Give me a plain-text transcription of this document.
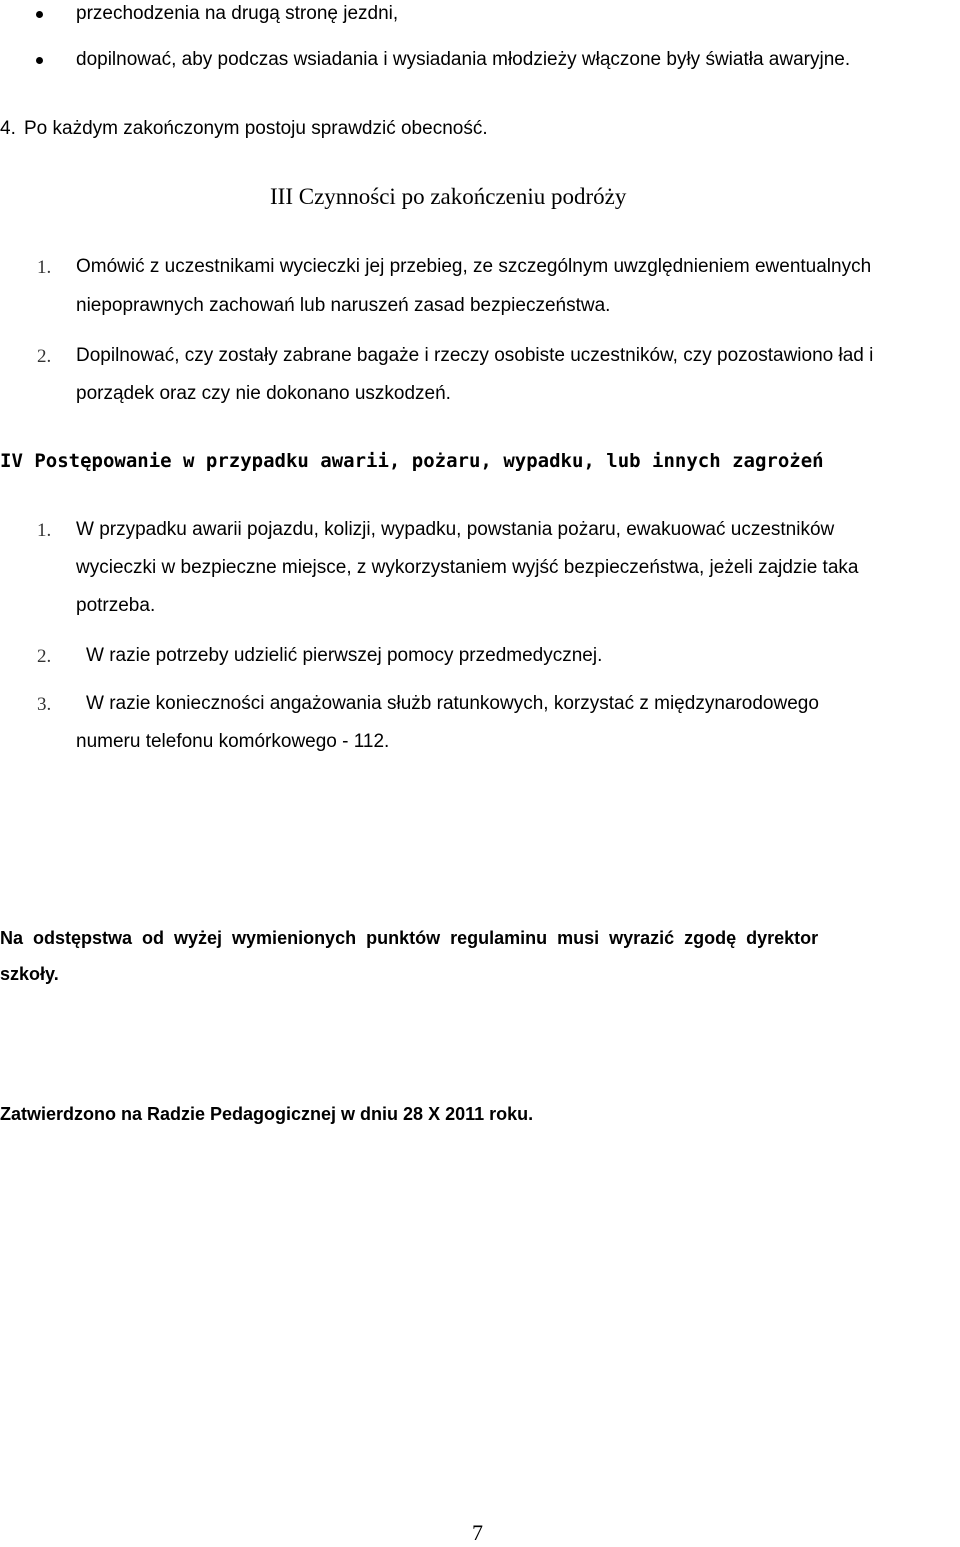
przechodzenia na drugą stronę jezdni,
dopilnować, aby podczas wsiadania i wysiadania młodzieży włączone były światła awaryjne.
4. Po każdym zakończonym postoju sprawdzić obecność.
III Czynności po zakończeniu podróży
1. Omówić z uczestnikami wycieczki jej przebieg, ze szczególnym uwzględnieniem ewentualnych
niepoprawnych zachowań lub naruszeń zasad bezpieczeństwa.
2. Dopilnować, czy zostały zabrane bagaże i rzeczy osobiste uczestników, czy pozostawiono ład i
porządek oraz czy nie dokonano uszkodzeń.
IV Postępowanie w przypadku awarii, pożaru, wypadku, lub innych zagrożeń
1. W przypadku awarii pojazdu, kolizji, wypadku, powstania pożaru, ewakuować uczestników
wycieczki w bezpieczne miejsce, z wykorzystaniem wyjść bezpieczeństwa, jeżeli zajdzie taka
potrzeba.
2. W razie potrzeby udzielić pierwszej pomocy przedmedycznej.
3. W razie konieczności angażowania służb ratunkowych, korzystać z międzynarodowego
numeru telefonu komórkowego - 112.
Na odstępstwa od wyżej wymienionych punktów regulaminu musi wyrazić zgodę dyrektor
szkoły.
Zatwierdzono na Radzie Pedagogicznej w dniu 28 X 2011 roku.
7
